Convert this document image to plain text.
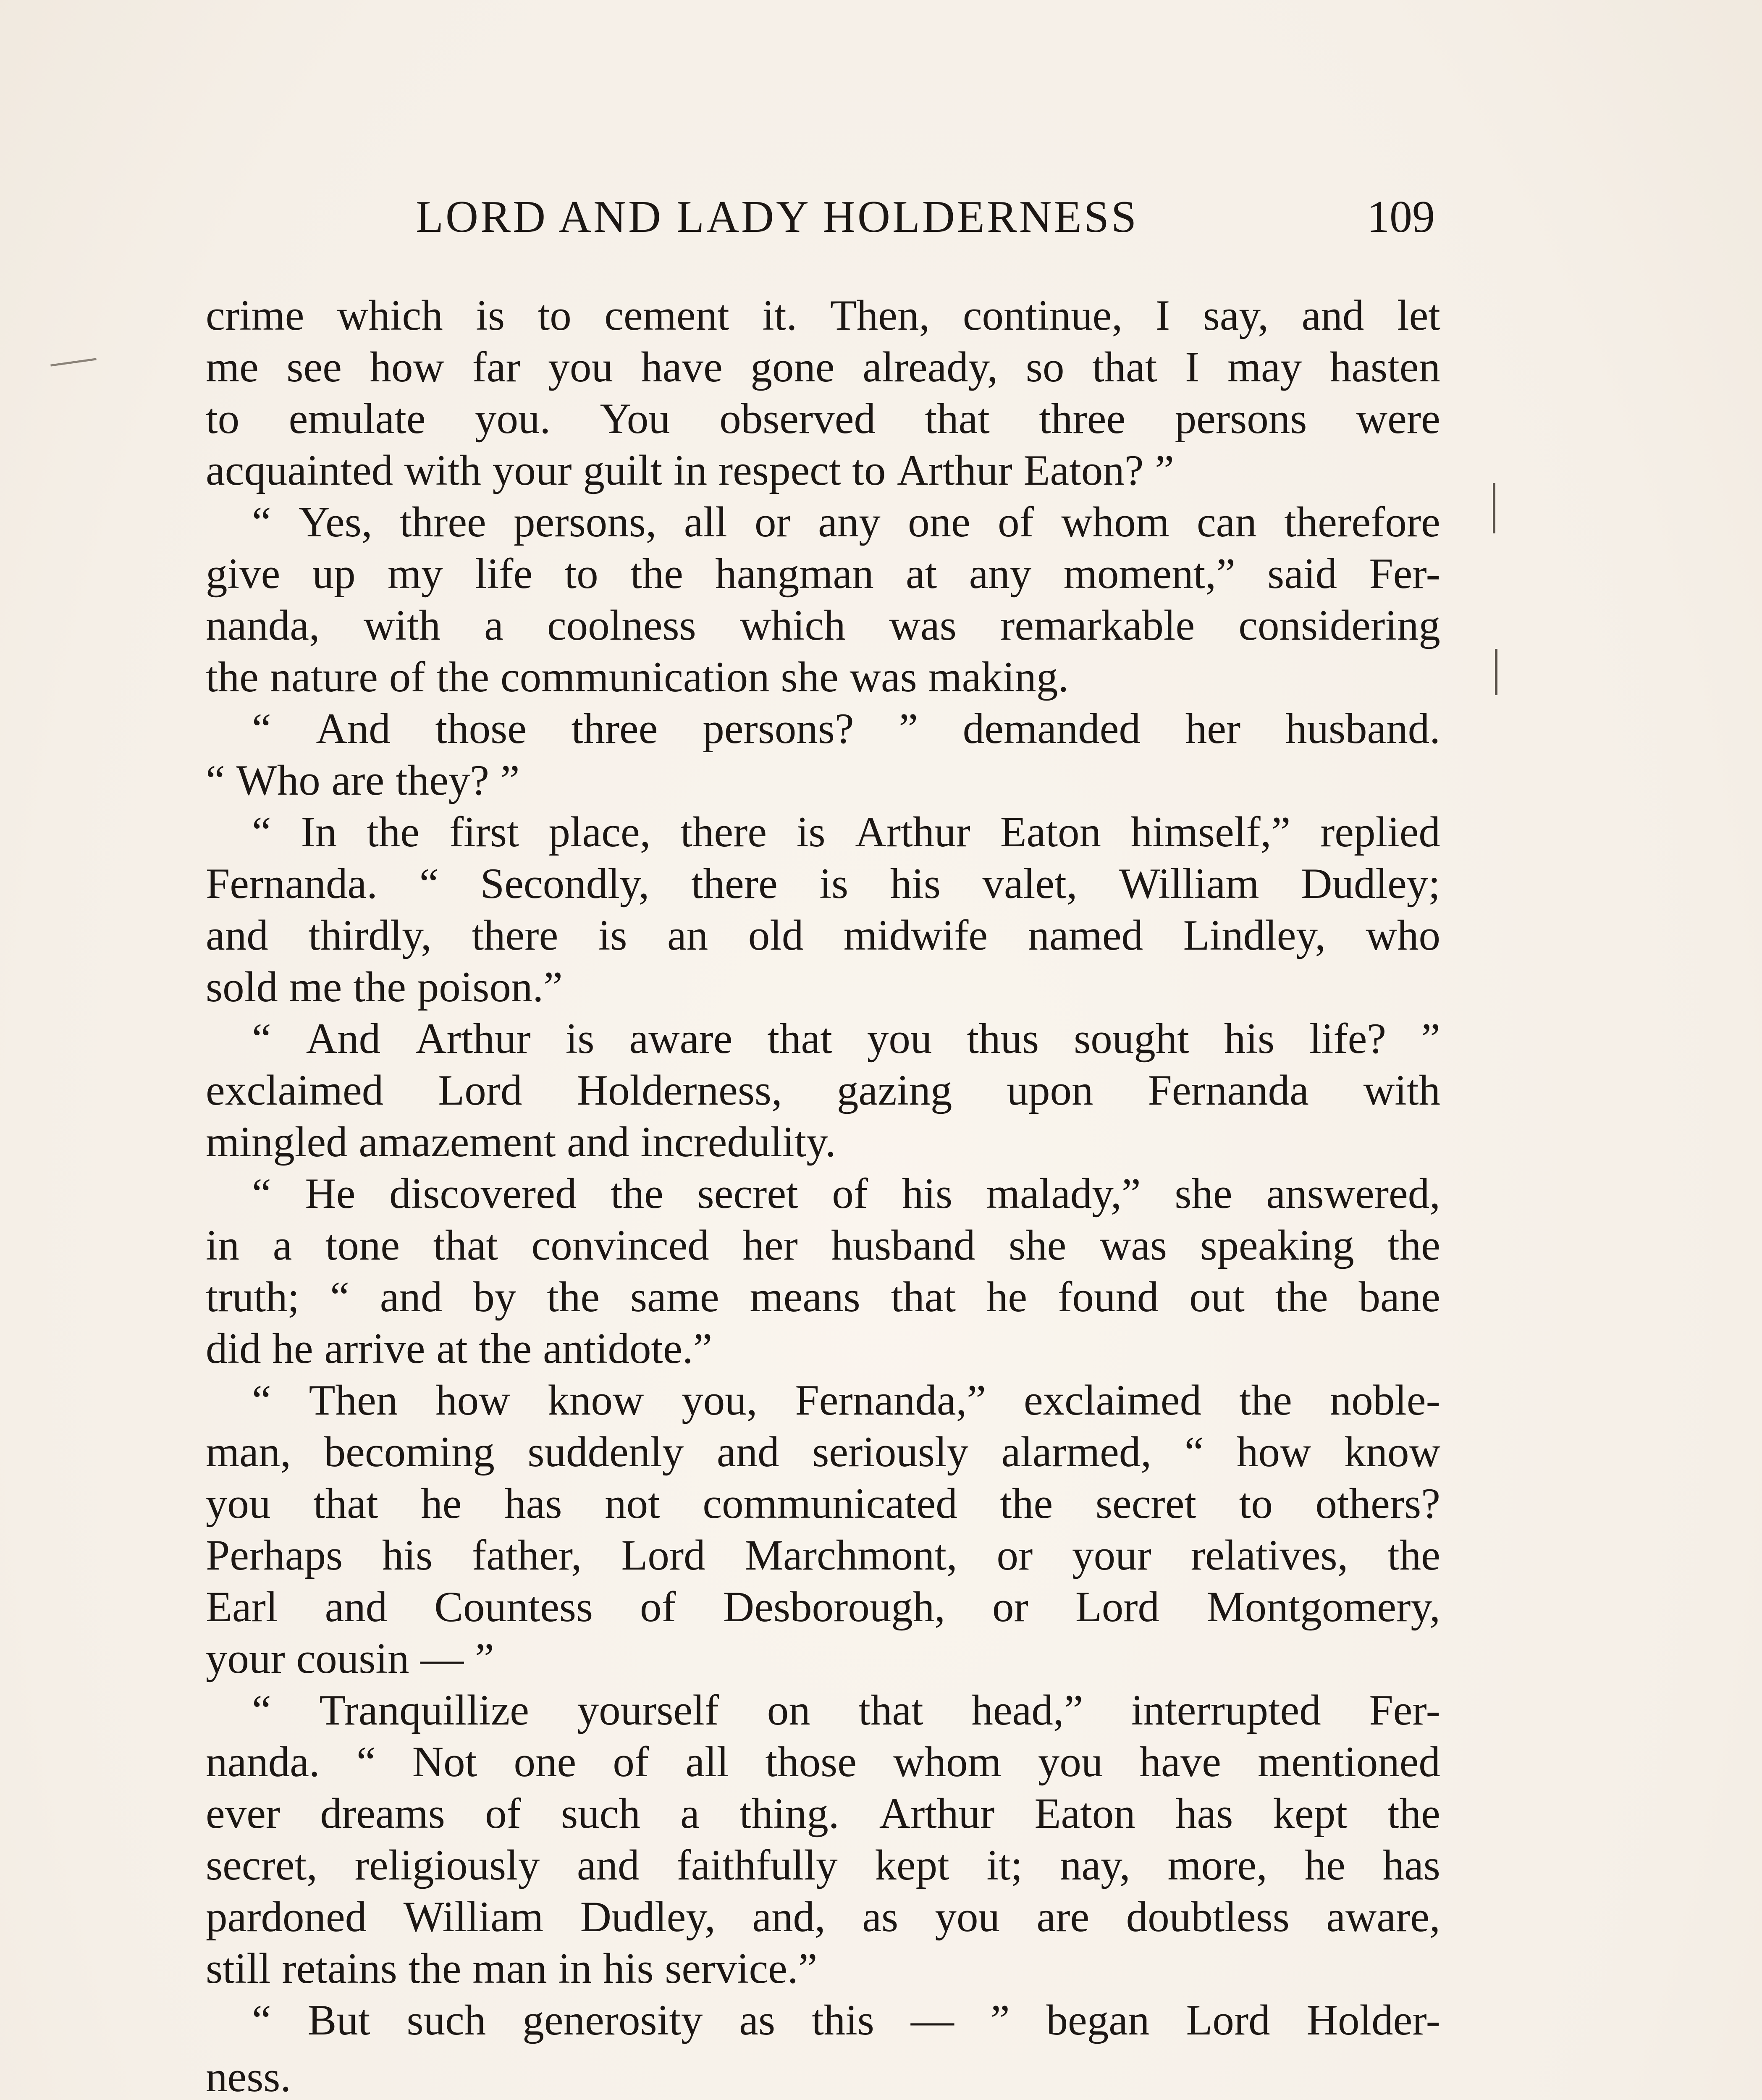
LORD AND LADY HOLDERNESS	109
crime which is to cement it. Then, continue, I say, and let
me see how far you have gone already, so that I may hasten
to emulate you. You observed that three persons were
acquainted with your guilt in respect to Arthur Eaton? ”
“ Yes, three persons, all or any one of whom can therefore
give up my life to the hangman at any moment,” said Fer-
nanda, with a coolness which was remarkable considering
the nature of the communication she was making.
“ And those three persons? ” demanded her husband.
“ Who are they? ”
“ In the first place, there is Arthur Eaton himself,” replied
Fernanda. “ Secondly, there is his valet, William Dudley;
and thirdly, there is an old midwife named Lindley, who
sold me the poison.”
“ And Arthur is aware that you thus sought his life? ”
exclaimed Lord Holderness, gazing upon Fernanda with
mingled amazement and incredulity.
“ He discovered the secret of his malady,” she answered,
in a tone that convinced her husband she was speaking the
truth; “ and by the same means that he found out the bane
did he arrive at the antidote.”
“ Then how know you, Fernanda,” exclaimed the noble-
man, becoming suddenly and seriously alarmed, “ how know
you that he has not communicated the secret to others?
Perhaps his father, Lord Marchmont, or your relatives, the
Earl and Countess of Desborough, or Lord Montgomery,
your cousin — ”
“ Tranquillize yourself on that head,” interrupted Fer-
nanda. “ Not one of all those whom you have mentioned
ever dreams of such a thing. Arthur Eaton has kept the
secret, religiously and faithfully kept it; nay, more, he has
pardoned William Dudley, and, as you are doubtless aware,
still retains the man in his service.”
“ But such generosity as this — ” began Lord Holder-
ness.
